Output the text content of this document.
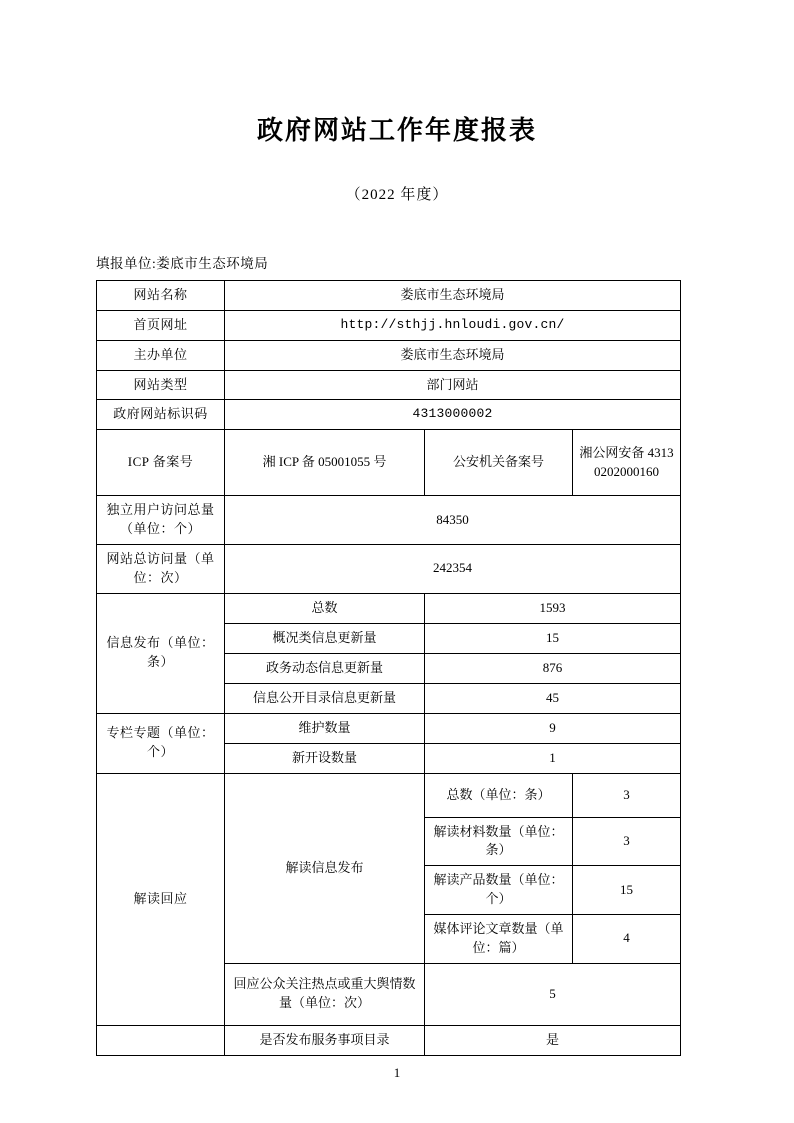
政府网站工作年度报表
（2022 年度）
填报单位:娄底市生态环境局
网站名称	娄底市生态环境局		
首页网址	http://sthjj.hnloudi.gov.cn/		
主办单位	娄底市生态环境局		
网站类型	部门网站		
政府网站标识码	4313000002		
ICP 备案号	湘 ICP 备 05001055 号	公安机关备案号	湘公网安备 43130202000160
独立用户访问总量（单位：个）	84350		
网站总访问量（单位：次）	242354		
信息发布（单位：条）	总数	1593	
	概况类信息更新量	15	
	政务动态信息更新量	876	
	信息公开目录信息更新量	45	
专栏专题（单位：个）	维护数量	9	
	新开设数量	1	
解读回应	解读信息发布	总数（单位：条）	3
		解读材料数量（单位：条）	3
		解读产品数量（单位：个）	15
		媒体评论文章数量（单位：篇）	4
	回应公众关注热点或重大舆情数量（单位：次）	5	
	是否发布服务事项目录	是	
1
